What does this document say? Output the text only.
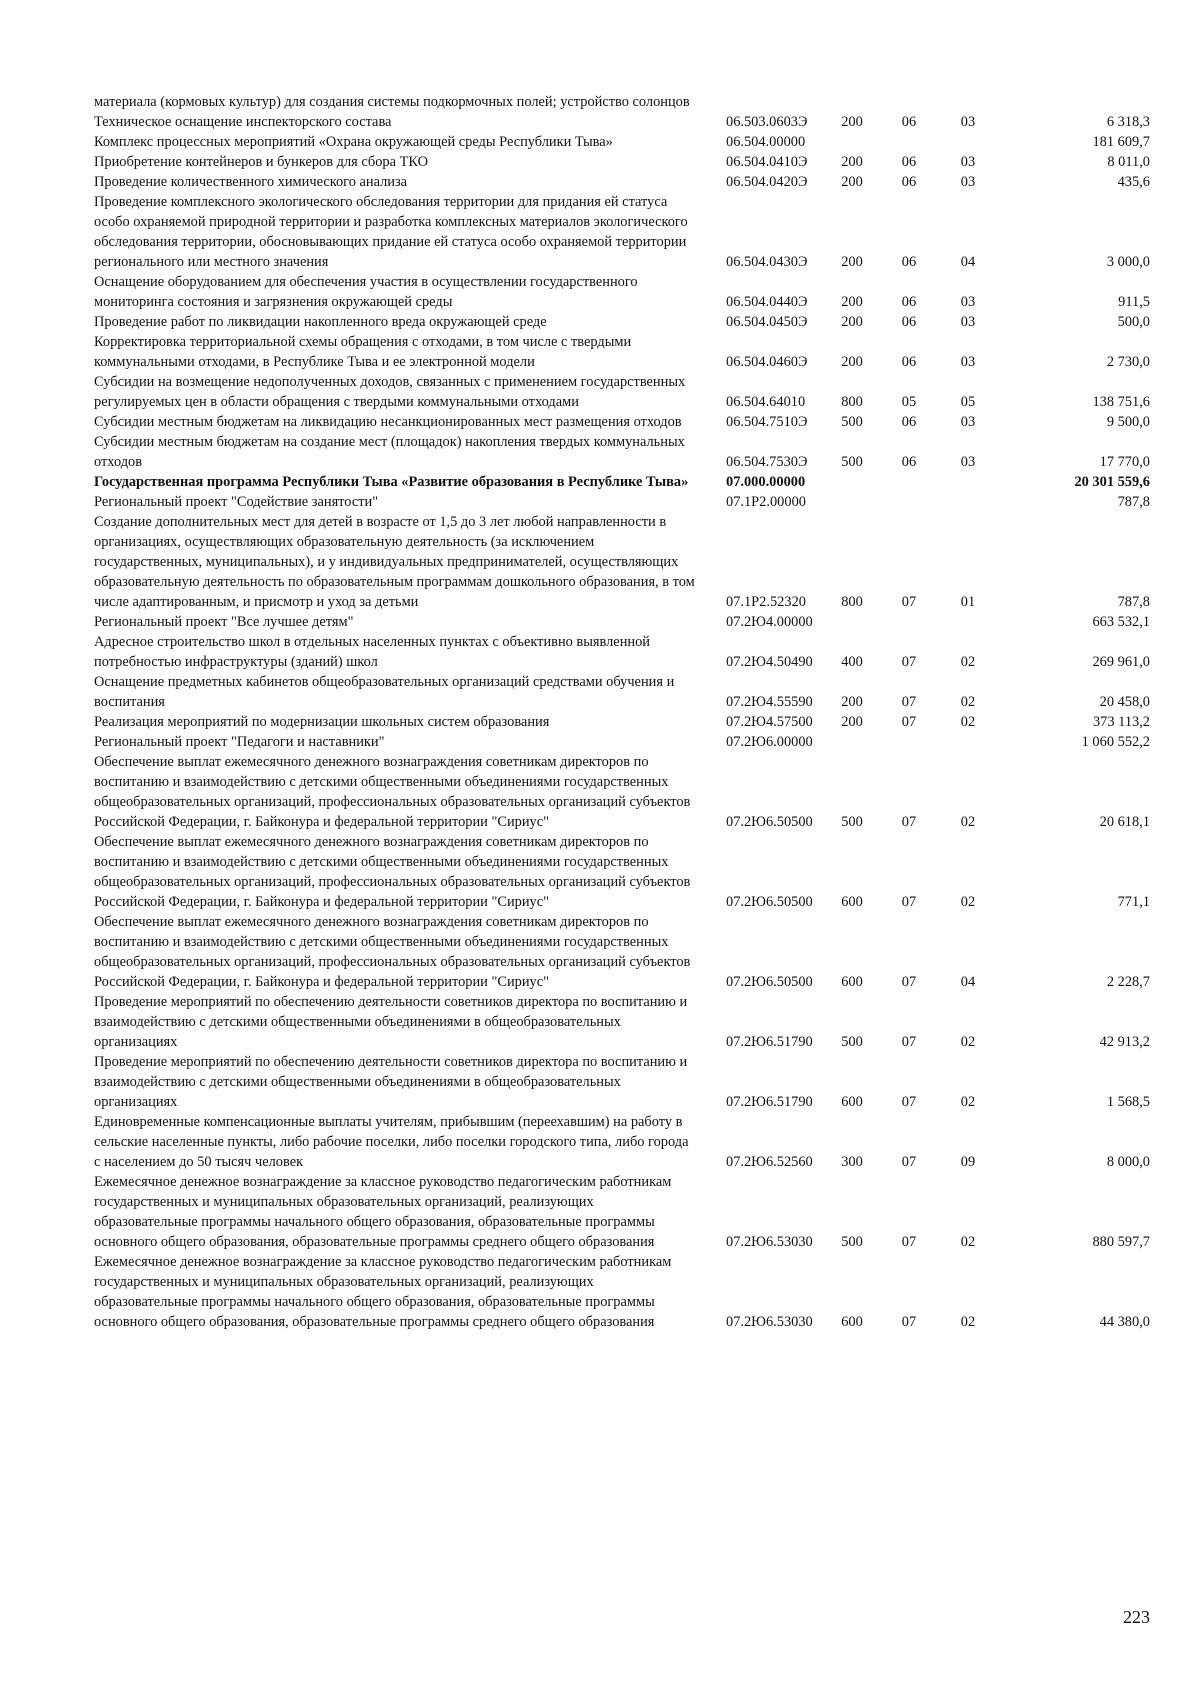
материала (кормовых культур) для создания системы подкормочных полей; устройство солонцов					
Техническое оснащение инспекторского состава	06.503.0603Э	200	06	03	6 318,3
Комплекс процессных мероприятий «Охрана окружающей среды Республики Тыва»	06.504.00000				181 609,7
Приобретение контейнеров и бункеров для сбора ТКО	06.504.0410Э	200	06	03	8 011,0
Проведение количественного химического анализа	06.504.0420Э	200	06	03	435,6
Проведение комплексного экологического обследования территории для придания ей статуса особо охраняемой природной территории и разработка комплексных материалов экологического обследования территории, обосновывающих придание ей статуса особо охраняемой территории регионального или местного значения	06.504.0430Э	200	06	04	3 000,0
Оснащение оборудованием для обеспечения участия в осуществлении государственного мониторинга состояния и загрязнения окружающей среды	06.504.0440Э	200	06	03	911,5
Проведение работ по ликвидации накопленного вреда окружающей среде	06.504.0450Э	200	06	03	500,0
Корректировка территориальной схемы обращения с отходами, в том числе с твердыми коммунальными отходами, в Республике Тыва и ее электронной модели	06.504.0460Э	200	06	03	2 730,0
Субсидии на возмещение недополученных доходов, связанных с применением государственных регулируемых цен в области обращения с твердыми коммунальными отходами	06.504.64010	800	05	05	138 751,6
Субсидии местным бюджетам на ликвидацию несанкционированных мест размещения отходов	06.504.7510Э	500	06	03	9 500,0
Субсидии местным бюджетам на создание мест (площадок) накопления твердых коммунальных отходов	06.504.7530Э	500	06	03	17 770,0
Государственная программа Республики Тыва «Развитие образования в Республике Тыва»	07.000.00000				20 301 559,6
Региональный проект "Содействие занятости"	07.1Р2.00000				787,8
Создание дополнительных мест для детей в возрасте от 1,5 до 3 лет любой направленности в организациях, осуществляющих образовательную деятельность (за исключением государственных, муниципальных), и у индивидуальных предпринимателей, осуществляющих образовательную деятельность по образовательным программам дошкольного образования, в том числе адаптированным, и присмотр и уход за детьми	07.1Р2.52320	800	07	01	787,8
Региональный проект "Все лучшее детям"	07.2Ю4.00000				663 532,1
Адресное строительство школ в отдельных населенных пунктах с объективно выявленной потребностью инфраструктуры (зданий) школ	07.2Ю4.50490	400	07	02	269 961,0
Оснащение предметных кабинетов общеобразовательных организаций средствами обучения и воспитания	07.2Ю4.55590	200	07	02	20 458,0
Реализация мероприятий по модернизации школьных систем образования	07.2Ю4.57500	200	07	02	373 113,2
Региональный проект "Педагоги и наставники"	07.2Ю6.00000				1 060 552,2
Обеспечение выплат ежемесячного денежного вознаграждения советникам директоров по воспитанию и взаимодействию с детскими общественными объединениями государственных общеобразовательных организаций, профессиональных образовательных организаций субъектов Российской Федерации, г. Байконура и федеральной территории "Сириус"	07.2Ю6.50500	500	07	02	20 618,1
Обеспечение выплат ежемесячного денежного вознаграждения советникам директоров по воспитанию и взаимодействию с детскими общественными объединениями государственных общеобразовательных организаций, профессиональных образовательных организаций субъектов Российской Федерации, г. Байконура и федеральной территории "Сириус"	07.2Ю6.50500	600	07	02	771,1
Обеспечение выплат ежемесячного денежного вознаграждения советникам директоров по воспитанию и взаимодействию с детскими общественными объединениями государственных общеобразовательных организаций, профессиональных образовательных организаций субъектов Российской Федерации, г. Байконура и федеральной территории "Сириус"	07.2Ю6.50500	600	07	04	2 228,7
Проведение мероприятий по обеспечению деятельности советников директора по воспитанию и взаимодействию с детскими общественными объединениями в общеобразовательных организациях	07.2Ю6.51790	500	07	02	42 913,2
Проведение мероприятий по обеспечению деятельности советников директора по воспитанию и взаимодействию с детскими общественными объединениями в общеобразовательных организациях	07.2Ю6.51790	600	07	02	1 568,5
Единовременные компенсационные выплаты учителям, прибывшим (переехавшим) на работу в сельские населенные пункты, либо рабочие поселки, либо поселки городского типа, либо города с населением до 50 тысяч человек	07.2Ю6.52560	300	07	09	8 000,0
Ежемесячное денежное вознаграждение за классное руководство педагогическим работникам государственных и муниципальных образовательных организаций, реализующих образовательные программы начального общего образования, образовательные программы основного общего образования, образовательные программы среднего общего образования	07.2Ю6.53030	500	07	02	880 597,7
Ежемесячное денежное вознаграждение за классное руководство педагогическим работникам государственных и муниципальных образовательных организаций, реализующих образовательные программы начального общего образования, образовательные программы основного общего образования, образовательные программы среднего общего образования	07.2Ю6.53030	600	07	02	44 380,0
223
